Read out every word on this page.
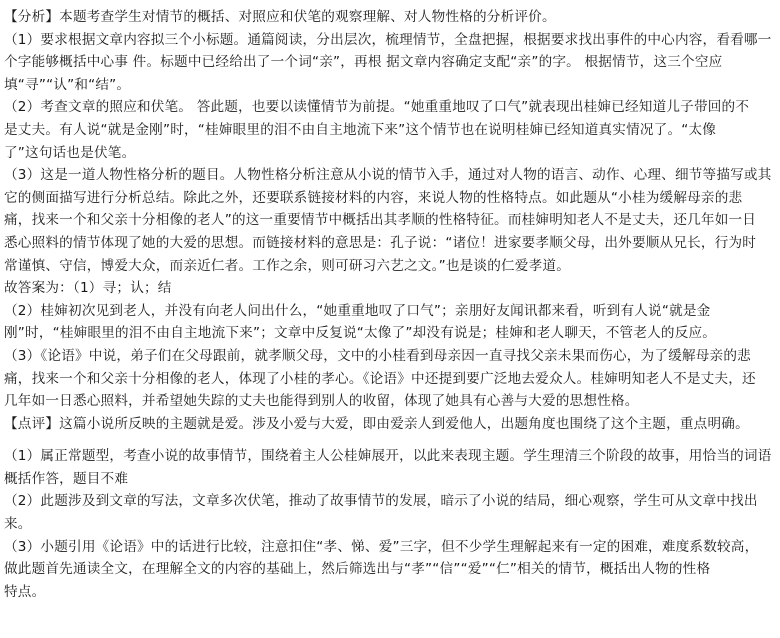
【分析】本题考查学生对情节的概括、对照应和伏笔的观察理解、对人物性格的分析评价。

（1）要求根据文章内容拟三个小标题。通篇阅读，分出层次，梳理情节，全盘把握，根据要求找出事件的中心内容，看看哪一

个字能够概括中心事 件。标题中已经给出了一个词“亲”，再根 据文章内容确定支配“亲”的字。 根据情节，这三个空应

填“寻”“认”和“结”。

（2）考查文章的照应和伏笔。 答此题，也要以读懂情节为前提。“她重重地叹了口气”就表现出桂婶已经知道儿子带回的不

是丈夫。有人说“就是金刚”时，“桂婶眼里的泪不由自主地流下来”这个情节也在说明桂婶已经知道真实情况了。“太像

了”这句话也是伏笔。

（3）这是一道人物性格分析的题目。人物性格分析注意从小说的情节入手，通过对人物的语言、动作、心理、细节等描写或其

它的侧面描写进行分析总结。除此之外，还要联系链接材料的内容，来说人物的性格特点。如此题从“小桂为缓解母亲的悲

痛，找来一个和父亲十分相像的老人”的这一重要情节中概括出其孝顺的性格特征。而桂婶明知老人不是丈夫，还几年如一日

悉心照料的情节体现了她的大爱的思想。而链接材料的意思是：孔子说：“诸位！进家要孝顺父母，出外要顺从兄长，行为时

常谨慎、守信，博爱大众，而亲近仁者。工作之余，则可研习六艺之文。”也是谈的仁爱孝道。

故答案为：（1）寻；认；结

（2）桂婶初次见到老人，并没有向老人问出什么，“她重重地叹了口气”；亲朋好友闻讯都来看，听到有人说“就是金

刚”时，“桂婶眼里的泪不由自主地流下来”；文章中反复说“太像了”却没有说是；桂婶和老人聊天，不管老人的反应。

（3）《论语》中说，弟子们在父母跟前，就孝顺父母，文中的小桂看到母亲因一直寻找父亲未果而伤心，为了缓解母亲的悲

痛，找来一个和父亲十分相像的老人，体现了小桂的孝心。《论语》中还提到要广泛地去爱众人。桂婶明知老人不是丈夫，还

几年如一日悉心照料，并希望她失踪的丈夫也能得到别人的收留，体现了她具有心善与大爱的思想性格。

【点评】这篇小说所反映的主题就是爱。涉及小爱与大爱，即由爱亲人到爱他人，出题角度也围绕了这个主题，重点明确。

（1）属正常题型，考查小说的故事情节，围绕着主人公桂婶展开，以此来表现主题。学生理清三个阶段的故事，用恰当的词语

概括作答，题目不难

（2）此题涉及到文章的写法，文章多次伏笔，推动了故事情节的发展，暗示了小说的结局，细心观察，学生可从文章中找出

来。

（3）小题引用《论语》中的话进行比较，注意扣住“孝、悌、爱”三字，但不少学生理解起来有一定的困难，难度系数较高，

做此题首先通读全文，在理解全文的内容的基础上，然后筛选出与“孝”“信”“爱”“仁”相关的情节，概括出人物的性格

特点。
